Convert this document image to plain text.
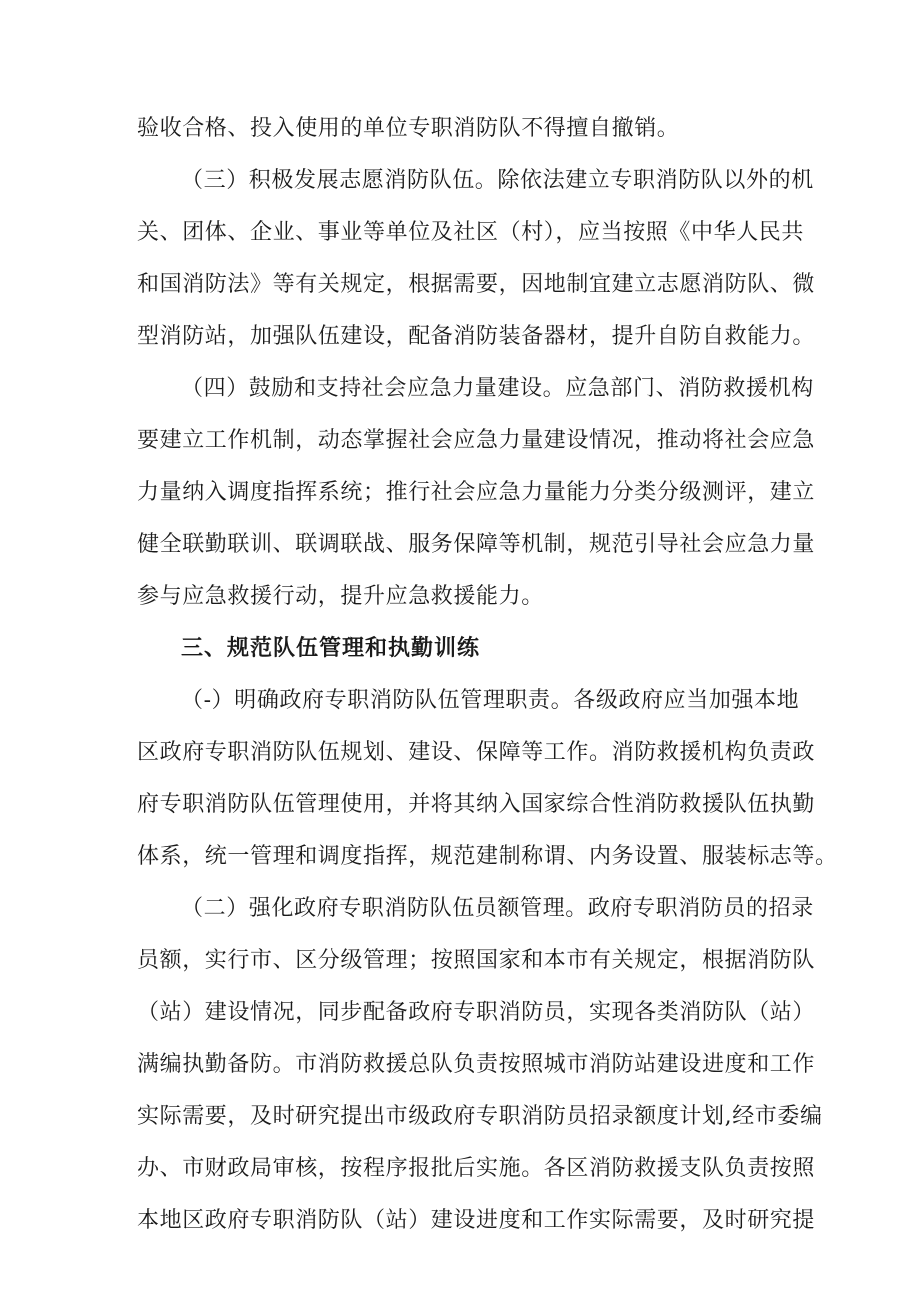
验收合格、投入使用的单位专职消防队不得擅自撤销。
（三）积极发展志愿消防队伍。除依法建立专职消防队以外的机
关、团体、企业、事业等单位及社区（村），应当按照《中华人民共
和国消防法》等有关规定，根据需要，因地制宜建立志愿消防队、微
型消防站，加强队伍建设，配备消防装备器材，提升自防自救能力。
（四）鼓励和支持社会应急力量建设。应急部门、消防救援机构
要建立工作机制，动态掌握社会应急力量建设情况，推动将社会应急
力量纳入调度指挥系统；推行社会应急力量能力分类分级测评，建立
健全联勤联训、联调联战、服务保障等机制，规范引导社会应急力量
参与应急救援行动，提升应急救援能力。
三、规范队伍管理和执勤训练
（-）明确政府专职消防队伍管理职责。各级政府应当加强本地
区政府专职消防队伍规划、建设、保障等工作。消防救援机构负责政
府专职消防队伍管理使用，并将其纳入国家综合性消防救援队伍执勤
体系，统一管理和调度指挥，规范建制称谓、内务设置、服装标志等。
（二）强化政府专职消防队伍员额管理。政府专职消防员的招录
员额，实行市、区分级管理；按照国家和本市有关规定，根据消防队
（站）建设情况，同步配备政府专职消防员，实现各类消防队（站）
满编执勤备防。市消防救援总队负责按照城市消防站建设进度和工作
实际需要，及时研究提出市级政府专职消防员招录额度计划,经市委编
办、市财政局审核，按程序报批后实施。各区消防救援支队负责按照
本地区政府专职消防队（站）建设进度和工作实际需要，及时研究提
